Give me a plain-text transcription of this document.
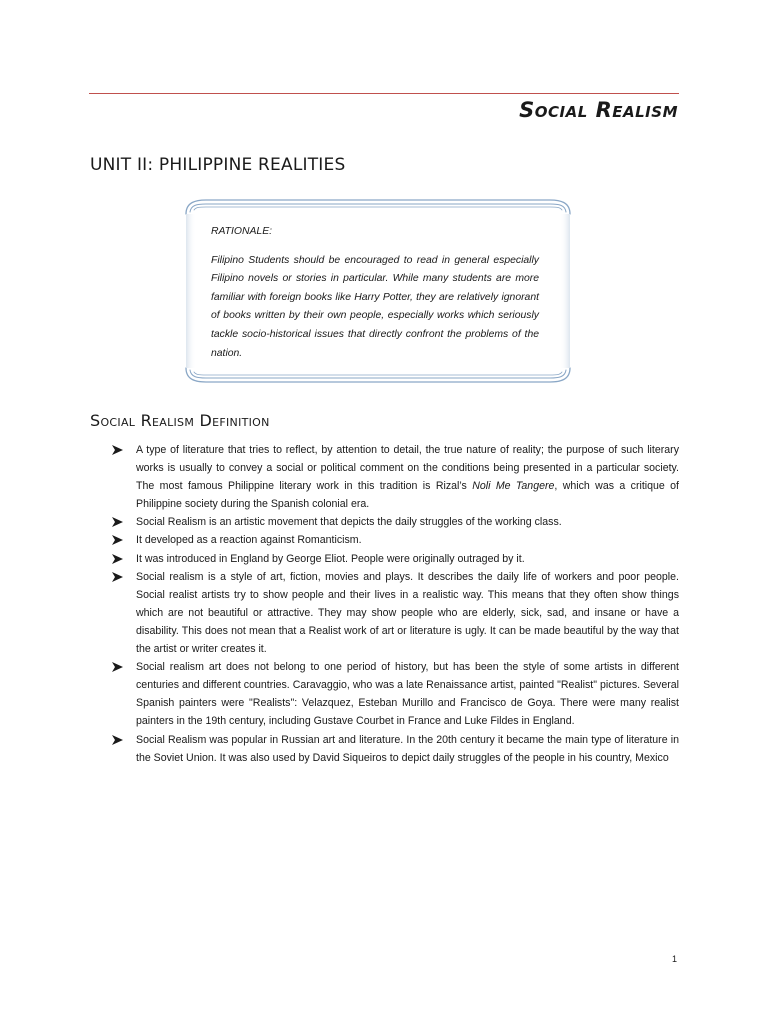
Social Realism
UNIT II: PHILIPPINE REALITIES

RATIONALE:

Filipino Students should be encouraged to read in general especially Filipino novels or stories in particular. While many students are more familiar with foreign books like Harry Potter, they are relatively ignorant of books written by their own people, especially works which seriously tackle socio-historical issues that directly confront the problems of the nation.

Social Realism Definition
A type of literature that tries to reflect, by attention to detail, the true nature of reality; the purpose of such literary works is usually to convey a social or political comment on the conditions being presented in a particular society. The most famous Philippine literary work in this tradition is Rizal’s Noli Me Tangere, which was a critique of Philippine society during the Spanish colonial era.
Social Realism is an artistic movement that depicts the daily struggles of the working class.
It developed as a reaction against Romanticism.
It was introduced in England by George Eliot. People were originally outraged by it.
Social realism is a style of art, fiction, movies and plays. It describes the daily life of workers and poor people. Social realist artists try to show people and their lives in a realistic way. This means that they often show things which are not beautiful or attractive. They may show people who are elderly, sick, sad, and insane or have a disability. This does not mean that a Realist work of art or literature is ugly. It can be made beautiful by the way that the artist or writer creates it.
Social realism art does not belong to one period of history, but has been the style of some artists in different centuries and different countries. Caravaggio, who was a late Renaissance artist, painted "Realist" pictures. Several Spanish painters were "Realists": Velazquez, Esteban Murillo and Francisco de Goya. There were many realist painters in the 19th century, including Gustave Courbet in France and Luke Fildes in England.
Social Realism was popular in Russian art and literature. In the 20th century it became the main type of literature in the Soviet Union. It was also used by David Siqueiros to depict daily struggles of the people in his country, Mexico
1
